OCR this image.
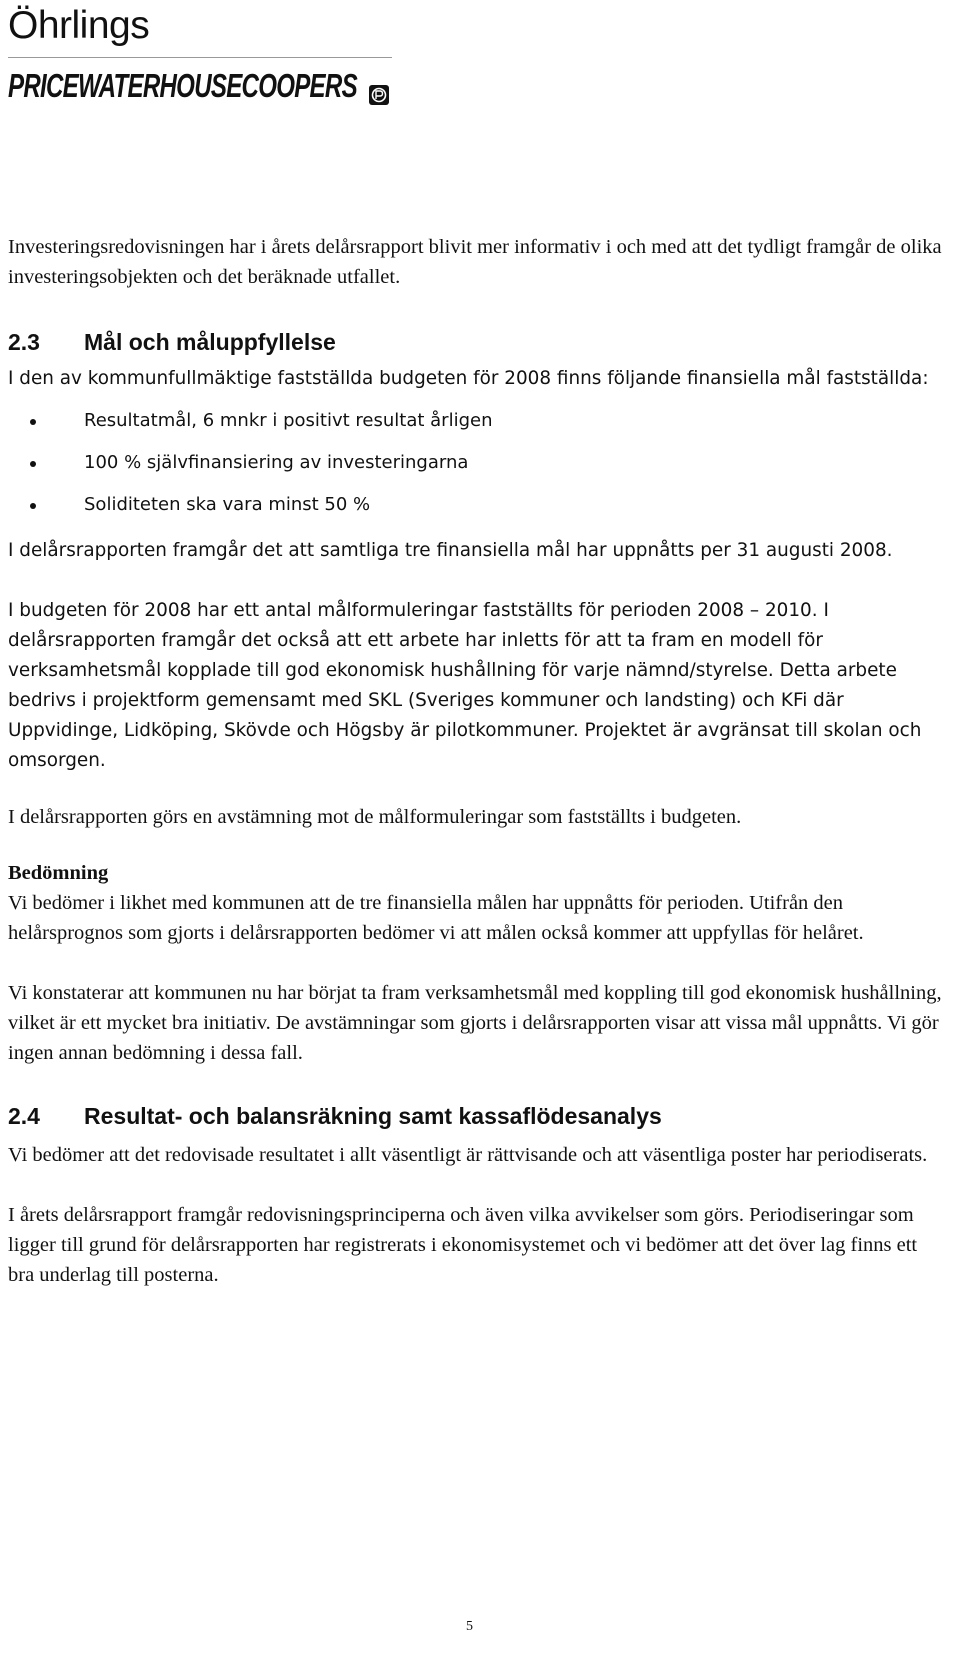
Öhrlings
PRICEWATERHOUSECOOPERS

Investeringsredovisningen har i årets delårsrapport blivit mer informativ i och med att det tydligt framgår de olika investeringsobjekten och det beräknade utfallet.

2.3	Mål och måluppfyllelse

I den av kommunfullmäktige fastställda budgeten för 2008 finns följande finansiella mål fastställda:

Resultatmål, 6 mnkr i positivt resultat årligen
100 % självfinansiering av investeringarna
Soliditeten ska vara minst 50 %

I delårsrapporten framgår det att samtliga tre finansiella mål har uppnåtts per 31 augusti 2008.

I budgeten för 2008 har ett antal målformuleringar fastställts för perioden 2008 – 2010. I delårsrapporten framgår det också att ett arbete har inletts för att ta fram en modell för verksamhetsmål kopplade till god ekonomisk hushållning för varje nämnd/styrelse. Detta arbete bedrivs i projektform gemensamt med SKL (Sveriges kommuner och landsting) och KFi där Uppvidinge, Lidköping, Skövde och Högsby är pilotkommuner. Projektet är avgränsat till skolan och omsorgen.

I delårsrapporten görs en avstämning mot de målformuleringar som fastställts i budgeten.

Bedömning

Vi bedömer i likhet med kommunen att de tre finansiella målen har uppnåtts för perioden. Utifrån den helårsprognos som gjorts i delårsrapporten bedömer vi att målen också kommer att uppfyllas för helåret.

Vi konstaterar att kommunen nu har börjat ta fram verksamhetsmål med koppling till god ekonomisk hushållning, vilket är ett mycket bra initiativ. De avstämningar som gjorts i delårsrapporten visar att vissa mål uppnåtts. Vi gör ingen annan bedömning i dessa fall.

2.4	Resultat- och balansräkning samt kassaflödesanalys

Vi bedömer att det redovisade resultatet i allt väsentligt är rättvisande och att väsentliga poster har periodiserats.

I årets delårsrapport framgår redovisningsprinciperna och även vilka avvikelser som görs. Periodiseringar som ligger till grund för delårsrapporten har registrerats i ekonomisystemet och vi bedömer att det över lag finns ett bra underlag till posterna.

5
